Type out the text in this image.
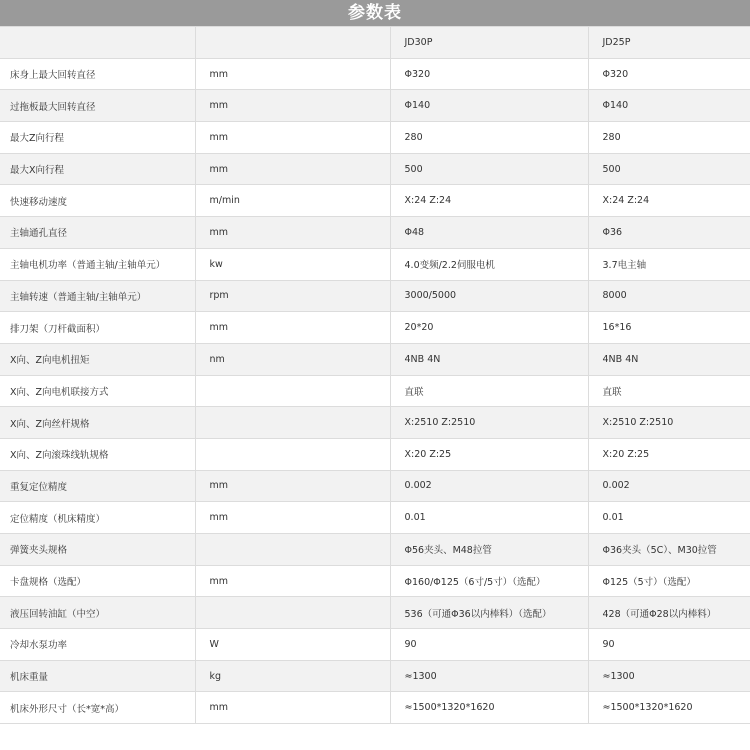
参数表
		JD30P	JD25P
床身上最大回转直径	mm	Φ320	Φ320
过拖板最大回转直径	mm	Φ140	Φ140
最大Z向行程	mm	280	280
最大X向行程	mm	500	500
快速移动速度	m/min	X:24 Z:24	X:24 Z:24
主轴通孔直径	mm	Φ48	Φ36
主轴电机功率（普通主轴/主轴单元）	kw	4.0变频/2.2伺服电机	3.7电主轴
主轴转速（普通主轴/主轴单元）	rpm	3000/5000	8000
排刀架（刀杆截面积）	mm	20*20	16*16
X向、Z向电机扭矩	nm	4NB 4N	4NB 4N
X向、Z向电机联接方式		直联	直联
X向、Z向丝杆规格		X:2510 Z:2510	X:2510 Z:2510
X向、Z向滚珠线轨规格		X:20 Z:25	X:20 Z:25
重复定位精度	mm	0.002	0.002
定位精度（机床精度）	mm	0.01	0.01
弹簧夹头规格		Φ56夹头、M48拉管	Φ36夹头（5C）、M30拉管
卡盘规格（选配）	mm	Φ160/Φ125（6寸/5寸）（选配）	Φ125（5寸）（选配）
液压回转油缸（中空）		536（可通Φ36以内棒料）（选配）	428（可通Φ28以内棒料）
冷却水泵功率	W	90	90
机床重量	kg	≈1300	≈1300
机床外形尺寸（长*宽*高）	mm	≈1500*1320*1620	≈1500*1320*1620
